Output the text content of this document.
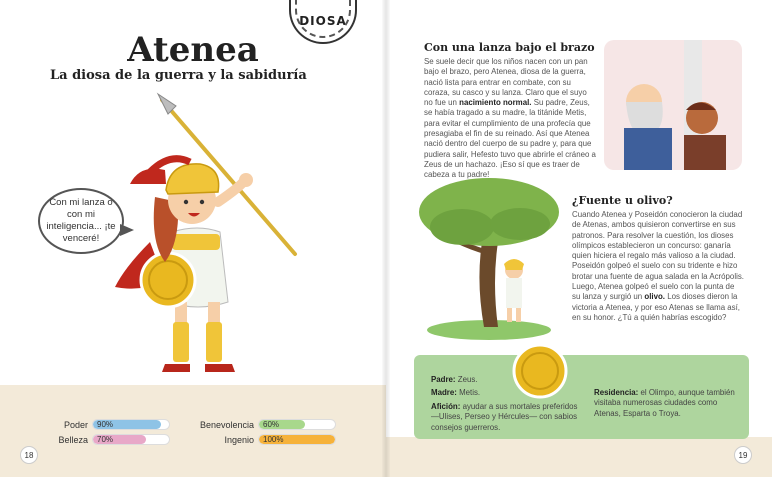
Atenea
La diosa de la guerra y la sabiduría
Con mi lanza o con mi inteligencia... ¡te venceré!
Poder	90%
Belleza	70%
Benevolencia	60%
Ingenio	100%
18
Con una lanza bajo el brazo
Se suele decir que los niños nacen con un pan bajo el brazo, pero Atenea, diosa de la guerra, nació lista para entrar en combate, con su coraza, su casco y su lanza. Claro que el suyo no fue un nacimiento normal. Su padre, Zeus, se había tragado a su madre, la titánide Metis, para evitar el cumplimiento de una profecía que presagiaba el fin de su reinado. Así que Atenea nació dentro del cuerpo de su padre y, para que pudiera salir, Hefesto tuvo que abrirle el cráneo a Zeus de un hachazo. ¡Eso sí que es traer de cabeza a tu padre!
¿Fuente u olivo?
Cuando Atenea y Poseidón conocieron la ciudad de Atenas, ambos quisieron convertirse en sus patronos. Para resolver la cuestión, los dioses olímpicos establecieron un concurso: ganaría quien hiciera el regalo más valioso a la ciudad. Poseidón golpeó el suelo con su tridente e hizo brotar una fuente de agua salada en la Acrópolis. Luego, Atenea golpeó el suelo con la punta de su lanza y surgió un olivo. Los dioses dieron la victoria a Atenea, y por eso Atenas se llama así, en su honor. ¿Tú a quién habrías escogido?
Padre: Zeus.
Madre: Metis.
Afición: ayudar a sus mortales preferidos —Ulises, Perseo y Hércules— con sabios consejos guerreros.
Residencia: el Olimpo, aunque también visitaba numerosas ciudades como Atenas, Esparta o Troya.
19
DIOSA
